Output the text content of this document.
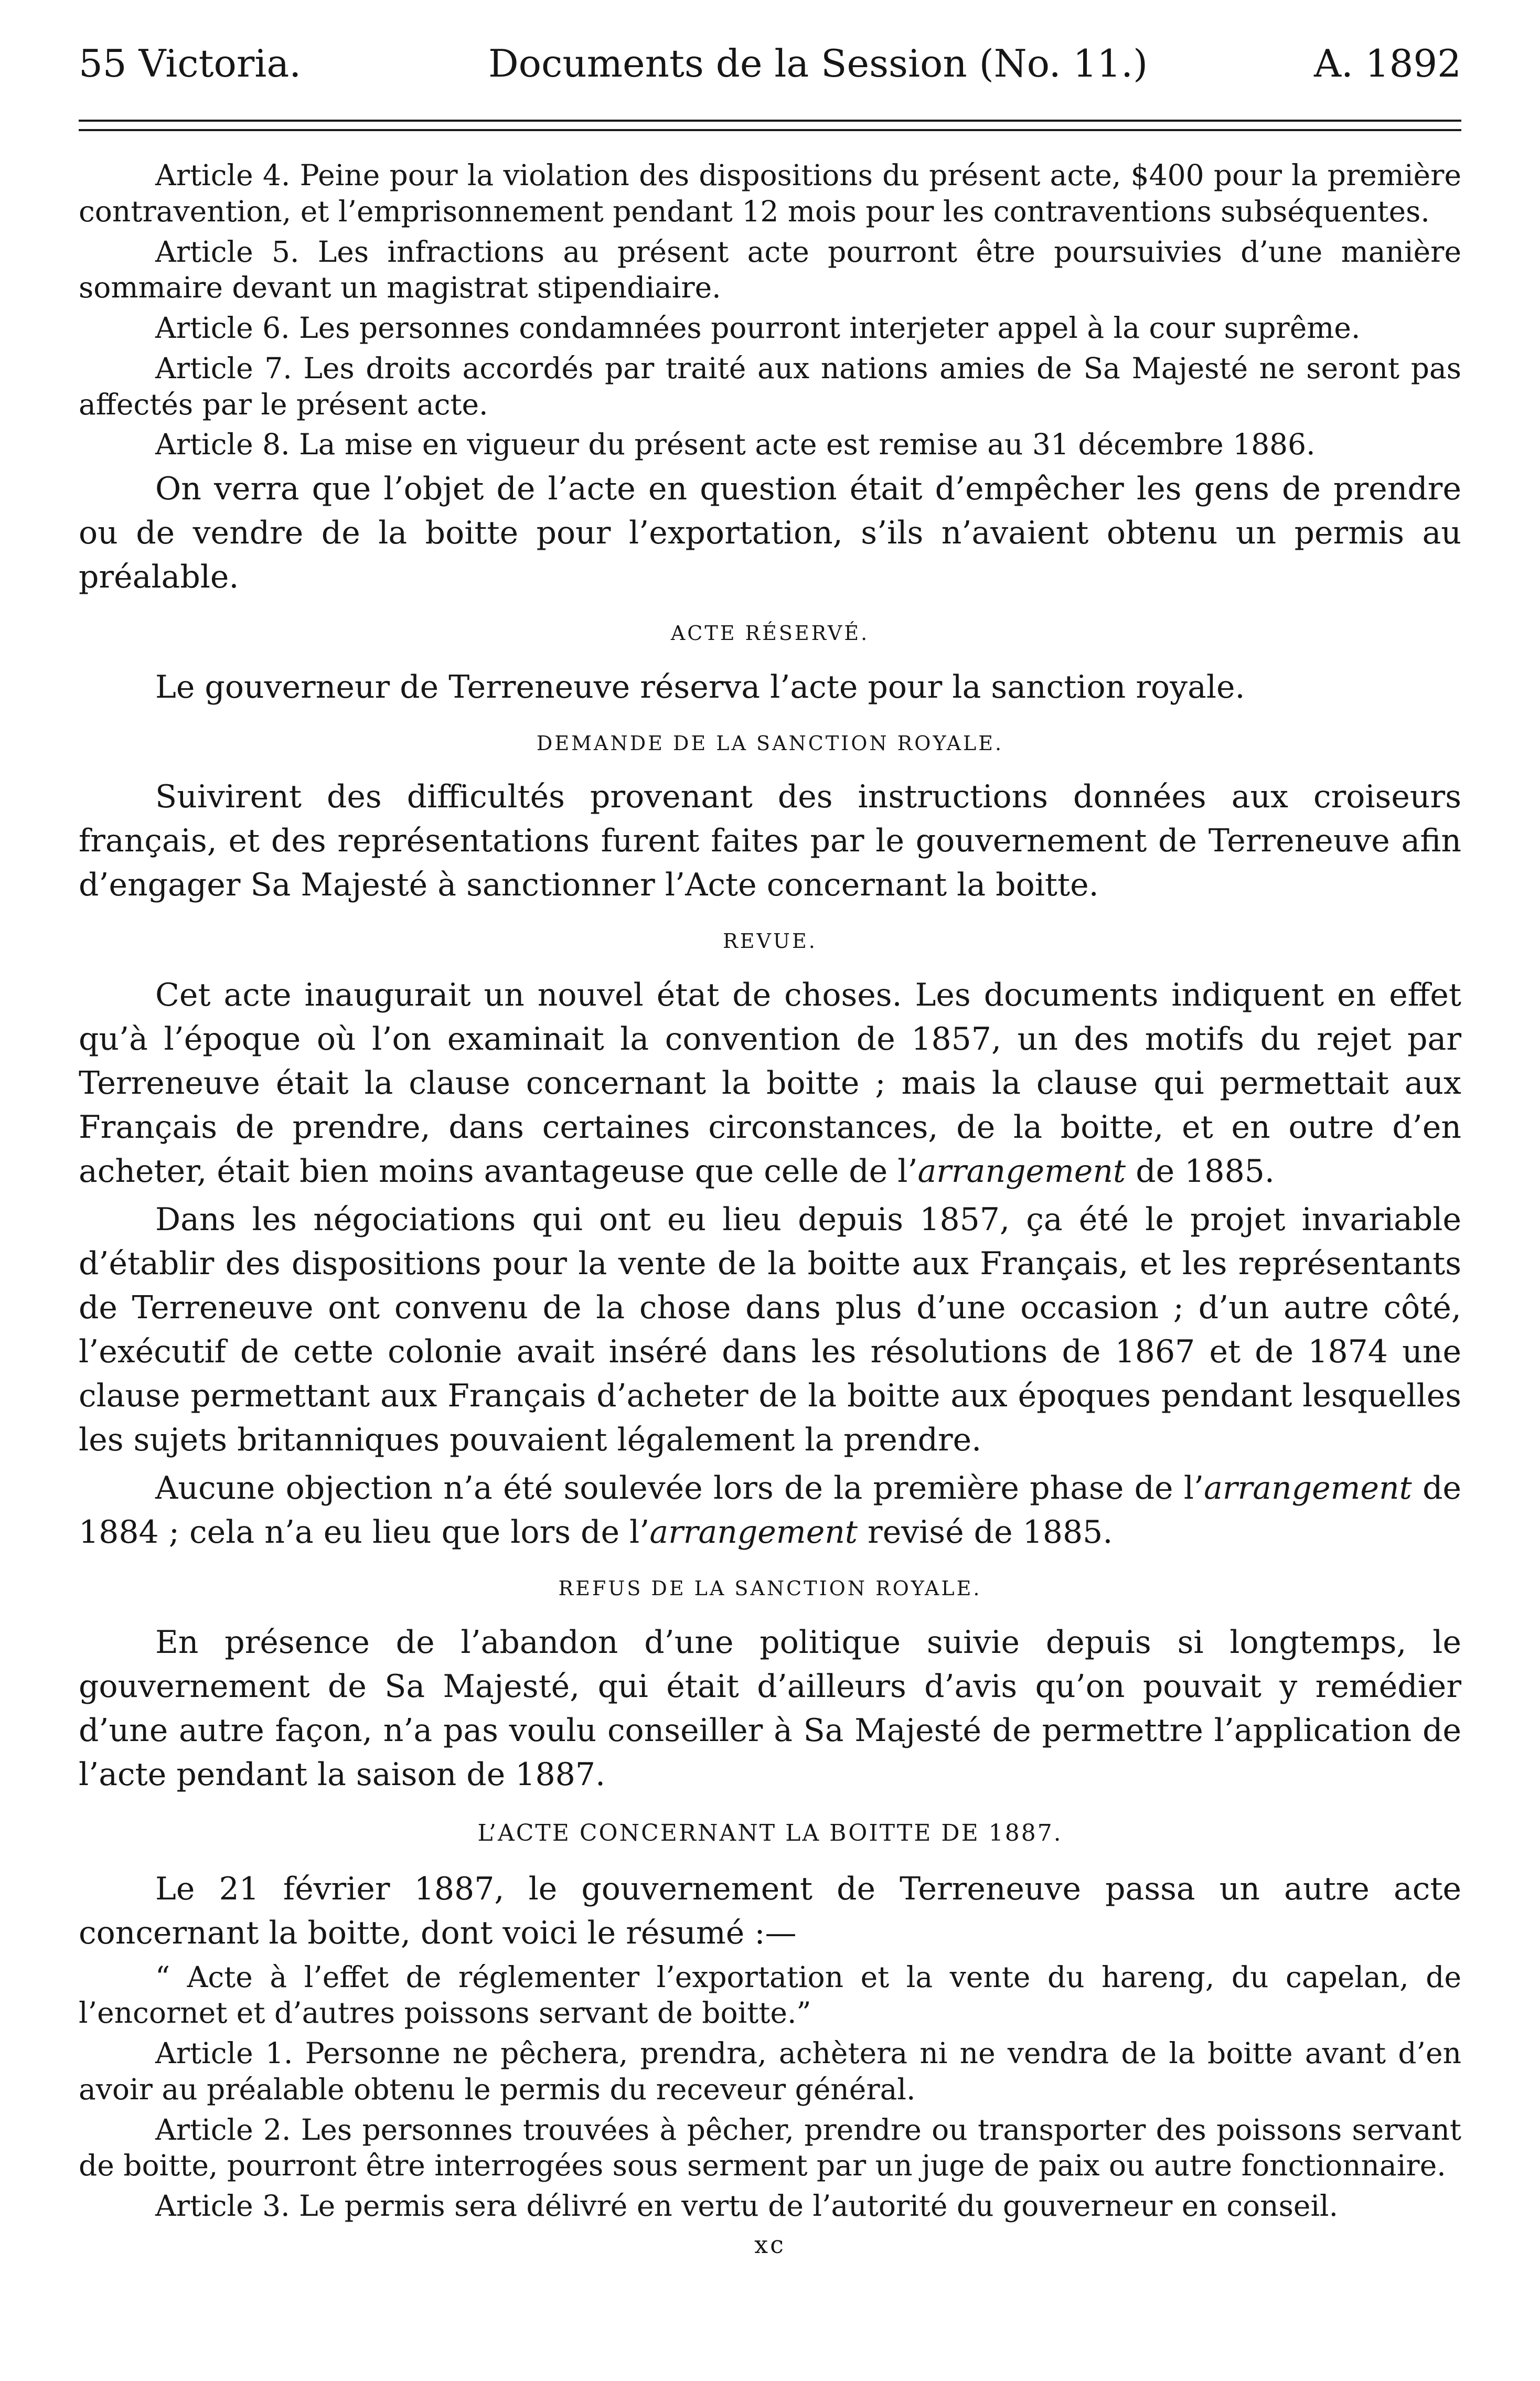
55 Victoria.	Documents de la Session (No. 11.)	A. 1892

Article 4. Peine pour la violation des dispositions du présent acte, $400 pour la première contravention, et l’emprisonnement pendant 12 mois pour les contraventions subséquentes.

Article 5. Les infractions au présent acte pourront être poursuivies d’une manière sommaire devant un magistrat stipendiaire.

Article 6. Les personnes condamnées pourront interjeter appel à la cour suprême.

Article 7. Les droits accordés par traité aux nations amies de Sa Majesté ne seront pas affectés par le présent acte.

Article 8. La mise en vigueur du présent acte est remise au 31 décembre 1886.

On verra que l’objet de l’acte en question était d’empêcher les gens de prendre ou de vendre de la boitte pour l’exportation, s’ils n’avaient obtenu un permis au préalable.

ACTE RÉSERVÉ.

Le gouverneur de Terreneuve réserva l’acte pour la sanction royale.

DEMANDE DE LA SANCTION ROYALE.

Suivirent des difficultés provenant des instructions données aux croiseurs français, et des représentations furent faites par le gouvernement de Terreneuve afin d’engager Sa Majesté à sanctionner l’Acte concernant la boitte.

REVUE.

Cet acte inaugurait un nouvel état de choses. Les documents indiquent en effet qu’à l’époque où l’on examinait la convention de 1857, un des motifs du rejet par Terreneuve était la clause concernant la boitte ; mais la clause qui permettait aux Français de prendre, dans certaines circonstances, de la boitte, et en outre d’en acheter, était bien moins avantageuse que celle de l’arrangement de 1885.

Dans les négociations qui ont eu lieu depuis 1857, ça été le projet invariable d’établir des dispositions pour la vente de la boitte aux Français, et les représentants de Terreneuve ont convenu de la chose dans plus d’une occasion ; d’un autre côté, l’exécutif de cette colonie avait inséré dans les résolutions de 1867 et de 1874 une clause permettant aux Français d’acheter de la boitte aux époques pendant lesquelles les sujets britanniques pouvaient légalement la prendre.

Aucune objection n’a été soulevée lors de la première phase de l’arrangement de 1884 ; cela n’a eu lieu que lors de l’arrangement revisé de 1885.

REFUS DE LA SANCTION ROYALE.

En présence de l’abandon d’une politique suivie depuis si longtemps, le gouvernement de Sa Majesté, qui était d’ailleurs d’avis qu’on pouvait y remédier d’une autre façon, n’a pas voulu conseiller à Sa Majesté de permettre l’application de l’acte pendant la saison de 1887.

L’ACTE CONCERNANT LA BOITTE DE 1887.

Le 21 février 1887, le gouvernement de Terreneuve passa un autre acte concernant la boitte, dont voici le résumé :—

“ Acte à l’effet de réglementer l’exportation et la vente du hareng, du capelan, de l’encornet et d’autres poissons servant de boitte.”

Article 1. Personne ne pêchera, prendra, achètera ni ne vendra de la boitte avant d’en avoir au préalable obtenu le permis du receveur général.

Article 2. Les personnes trouvées à pêcher, prendre ou transporter des poissons servant de boitte, pourront être interrogées sous serment par un juge de paix ou autre fonctionnaire.

Article 3. Le permis sera délivré en vertu de l’autorité du gouverneur en conseil.

xc
